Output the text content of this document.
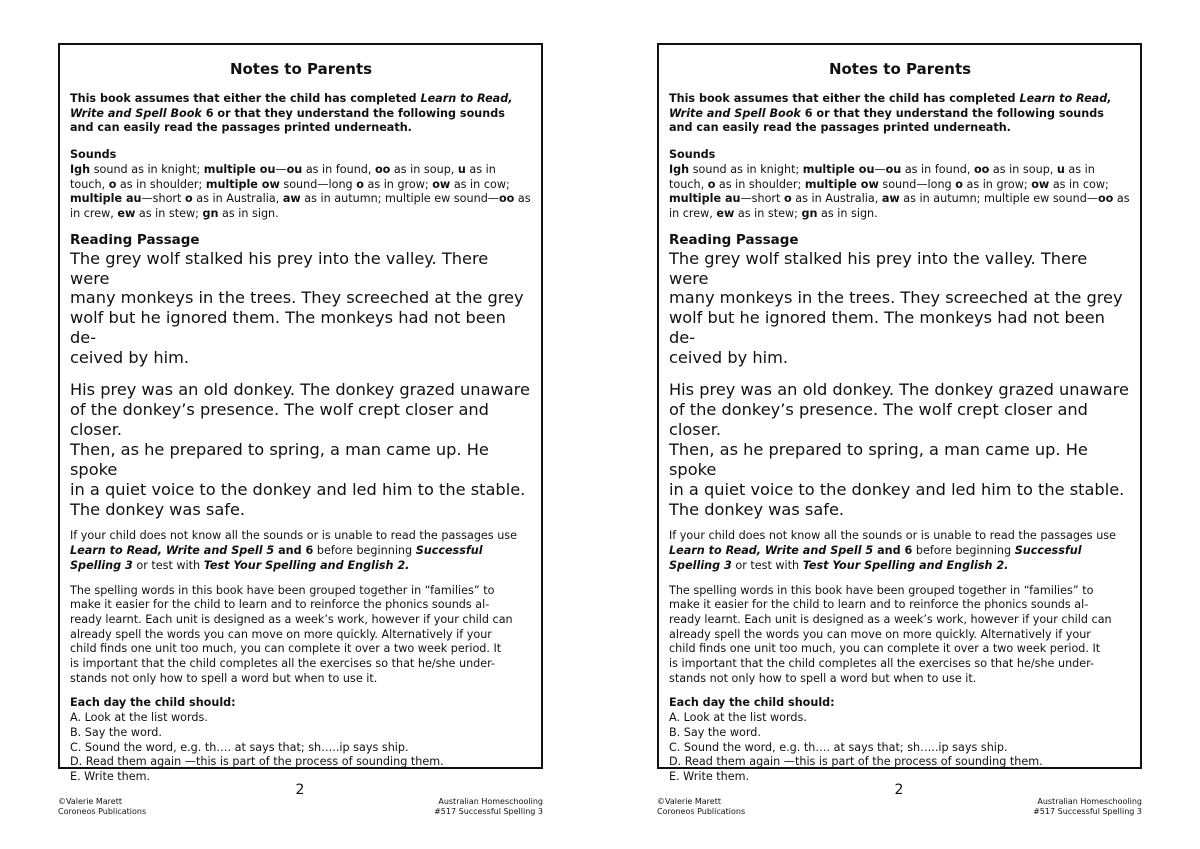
Notes to Parents
This book assumes that either the child has completed Learn to Read, Write and Spell Book 6 or that they understand the following sounds and can easily read the passages printed underneath.
Sounds
Igh sound as in knight; multiple ou—ou as in found, oo as in soup, u as in touch, o as in shoulder; multiple ow sound—long o as in grow; ow as in cow; multiple au—short o as in Australia, aw as in autumn; multiple ew sound—oo as in crew, ew as in stew; gn as in sign.
Reading Passage
The grey wolf stalked his prey into the valley. There were
many monkeys in the trees. They screeched at the grey
wolf but he ignored them. The monkeys had not been de-
ceived by him.
His prey was an old donkey. The donkey grazed unaware
of the donkey’s presence. The wolf crept closer and closer.
Then, as he prepared to spring, a man came up. He spoke
in a quiet voice to the donkey and led him to the stable.
The donkey was safe.
If your child does not know all the sounds or is unable to read the passages use Learn to Read, Write and Spell 5 and 6 before beginning Successful Spelling 3 or test with Test Your Spelling and English 2.
The spelling words in this book have been grouped together in “families” to
make it easier for the child to learn and to reinforce the phonics sounds al-
ready learnt. Each unit is designed as a week’s work, however if your child can
already spell the words you can move on more quickly. Alternatively if your
child finds one unit too much, you can complete it over a two week period. It
is important that the child completes all the exercises so that he/she under-
stands not only how to spell a word but when to use it.
Each day the child should:
A. Look at the list words.
B. Say the word.
C. Sound the word, e.g. th…. at says that; sh…..ip says ship.
D. Read them again —this is part of the process of sounding them.
E. Write them.
2
©Valerie Marett
Coroneos Publications
Australian Homeschooling
#517 Successful Spelling 3
Notes to Parents
This book assumes that either the child has completed Learn to Read, Write and Spell Book 6 or that they understand the following sounds and can easily read the passages printed underneath.
Sounds
Igh sound as in knight; multiple ou—ou as in found, oo as in soup, u as in touch, o as in shoulder; multiple ow sound—long o as in grow; ow as in cow; multiple au—short o as in Australia, aw as in autumn; multiple ew sound—oo as in crew, ew as in stew; gn as in sign.
Reading Passage
The grey wolf stalked his prey into the valley. There were
many monkeys in the trees. They screeched at the grey
wolf but he ignored them. The monkeys had not been de-
ceived by him.
His prey was an old donkey. The donkey grazed unaware
of the donkey’s presence. The wolf crept closer and closer.
Then, as he prepared to spring, a man came up. He spoke
in a quiet voice to the donkey and led him to the stable.
The donkey was safe.
If your child does not know all the sounds or is unable to read the passages use Learn to Read, Write and Spell 5 and 6 before beginning Successful Spelling 3 or test with Test Your Spelling and English 2.
The spelling words in this book have been grouped together in “families” to
make it easier for the child to learn and to reinforce the phonics sounds al-
ready learnt. Each unit is designed as a week’s work, however if your child can
already spell the words you can move on more quickly. Alternatively if your
child finds one unit too much, you can complete it over a two week period. It
is important that the child completes all the exercises so that he/she under-
stands not only how to spell a word but when to use it.
Each day the child should:
A. Look at the list words.
B. Say the word.
C. Sound the word, e.g. th…. at says that; sh…..ip says ship.
D. Read them again —this is part of the process of sounding them.
E. Write them.
2
©Valerie Marett
Coroneos Publications
Australian Homeschooling
#517 Successful Spelling 3
